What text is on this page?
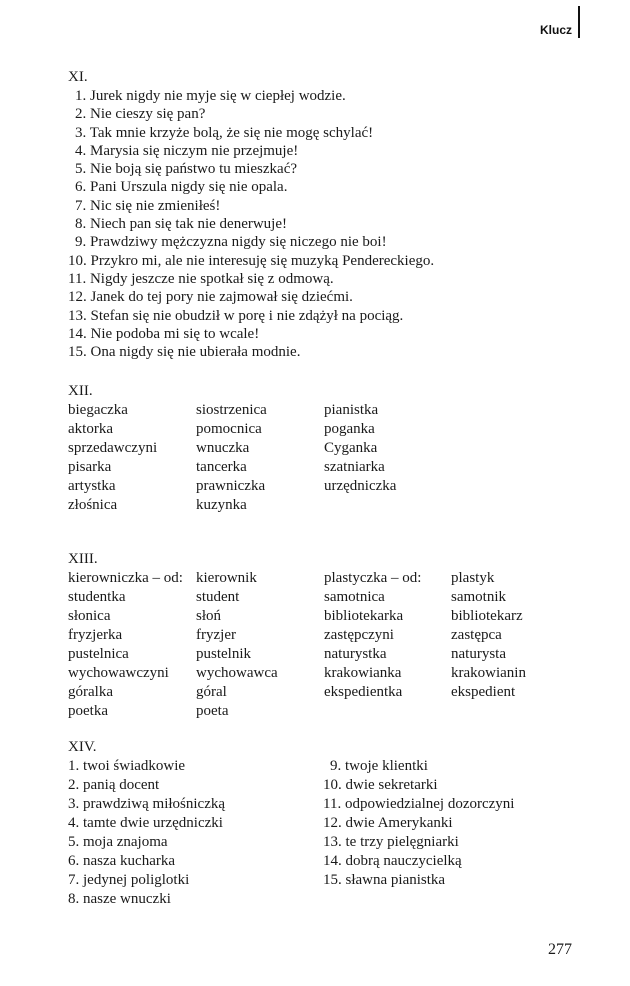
Klucz
XI.
1. Jurek nigdy nie myje się w ciepłej wodzie.
2. Nie cieszy się pan?
3. Tak mnie krzyże bolą, że się nie mogę schylać!
4. Marysia się niczym nie przejmuje!
5. Nie boją się państwo tu mieszkać?
6. Pani Urszula nigdy się nie opala.
7. Nic się nie zmieniłeś!
8. Niech pan się tak nie denerwuje!
9. Prawdziwy mężczyzna nigdy się niczego nie boi!
10. Przykro mi, ale nie interesuję się muzyką Pendereckiego.
11. Nigdy jeszcze nie spotkał się z odmową.
12. Janek do tej pory nie zajmował się dziećmi.
13. Stefan się nie obudził w porę i nie zdążył na pociąg.
14. Nie podoba mi się to wcale!
15. Ona nigdy się nie ubierała modnie.
XII.
biegaczka
aktorka
sprzedawczyni
pisarka
artystka
złośnica
siostrzenica
pomocnica
wnuczka
tancerka
prawniczka
kuzynka
pianistka
poganka
Cyganka
szatniarka
urzędniczka
XIII.
kierowniczka – od:
studentka
słonica
fryzjerka
pustelnica
wychowawczyni
góralka
poetka
kierownik
student
słoń
fryzjer
pustelnik
wychowawca
góral
poeta
plastyczka – od:
samotnica
bibliotekarka
zastępczyni
naturystka
krakowianka
ekspedientka
plastyk
samotnik
bibliotekarz
zastępca
naturysta
krakowianin
ekspedient
XIV.
1. twoi świadkowie
2. panią docent
3. prawdziwą miłośniczką
4. tamte dwie urzędniczki
5. moja znajoma
6. nasza kucharka
7. jedynej poliglotki
8. nasze wnuczki
9. twoje klientki
10. dwie sekretarki
11. odpowiedzialnej dozorczyni
12. dwie Amerykanki
13. te trzy pielęgniarki
14. dobrą nauczycielką
15. sławna pianistka
277
